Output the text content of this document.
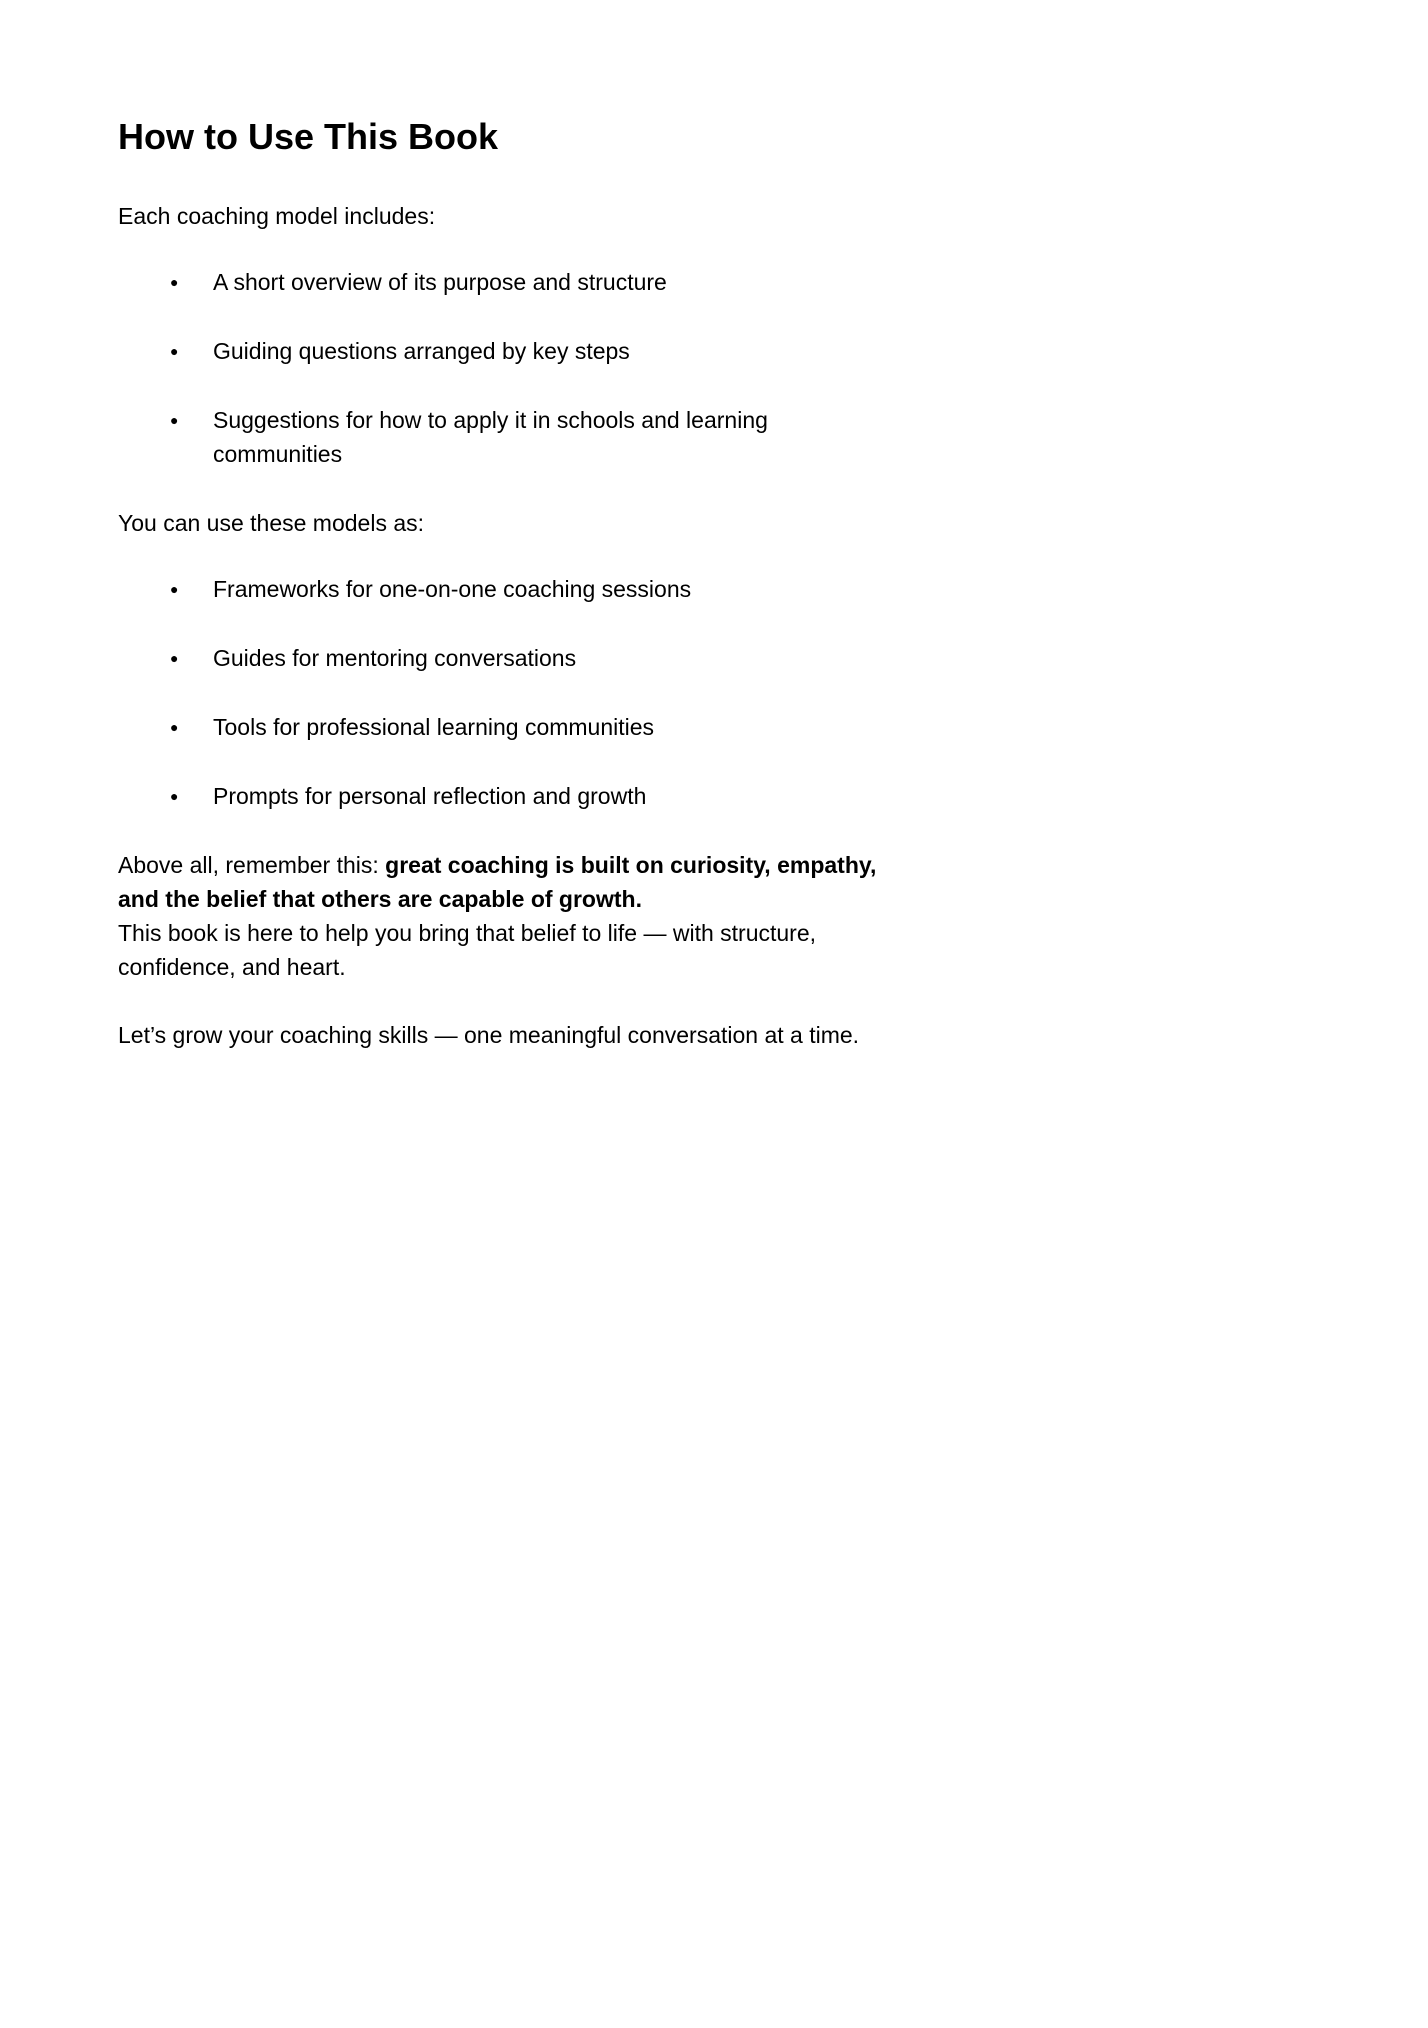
How to Use This Book

Each coaching model includes:

● A short overview of its purpose and structure
● Guiding questions arranged by key steps
● Suggestions for how to apply it in schools and learning communities

You can use these models as:

● Frameworks for one-on-one coaching sessions
● Guides for mentoring conversations
● Tools for professional learning communities
● Prompts for personal reflection and growth

Above all, remember this: great coaching is built on curiosity, empathy,
and the belief that others are capable of growth.
This book is here to help you bring that belief to life — with structure,
confidence, and heart.

Let’s grow your coaching skills — one meaningful conversation at a time.
